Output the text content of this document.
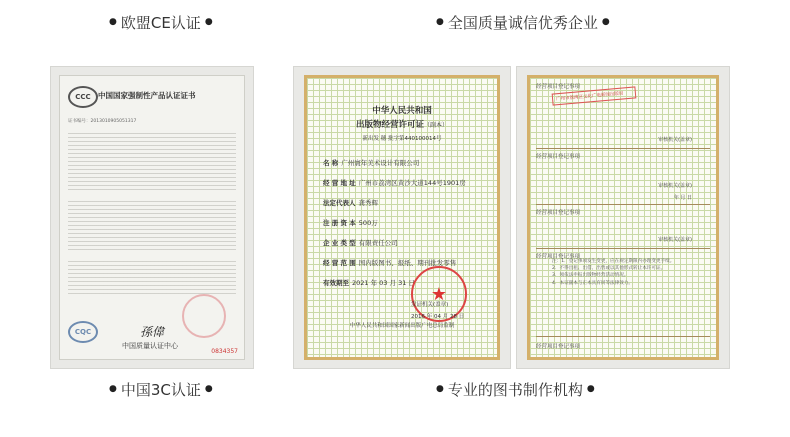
● 欧盟CE认证 ●	● 全国质量诚信优秀企业 ●
CCC 中国国家强制性产品认证证书
证书编号：2013010905051317
CQC	孫偉
中国质量认证中心
0834357
中华人民共和国
出版物经营许可证（副本）
新出发 穗 批字第440100014号
名 称 广州寰年美术设计有限公司
经 营 地 址 广州市荔湾区黄沙大道144号1901房
法定代表人 龚秀辉
注 册 资 本 500万
企 业 类 型 有限责任公司
经 营 范 围 国内版图书、报纸、期刊批发零售
有效期至 2021 年 03 月 31 日
★
发证机关(盖章)
2016 年 04 月 28 日
中华人民共和国国家新闻出版广电总局监制
经营项目登记事项
广州市荔湾区文化广电新闻出版局
审核机关(盖章)
经营项目登记事项
审核机关(盖章)
年 月 日
经营项目登记事项
审核机关(盖章)
经营项目登记事项
注：1．登记事项发生变更，应在规定期限内办理变更手续。
2．不得出租、出借、出售或以其他形式转让本许可证。
3．须依法申报出版物经营活动情况。
4．本证副本与正本具有同等法律效力。
经营项目登记事项
● 中国3C认证 ●	● 专业的图书制作机构 ●
